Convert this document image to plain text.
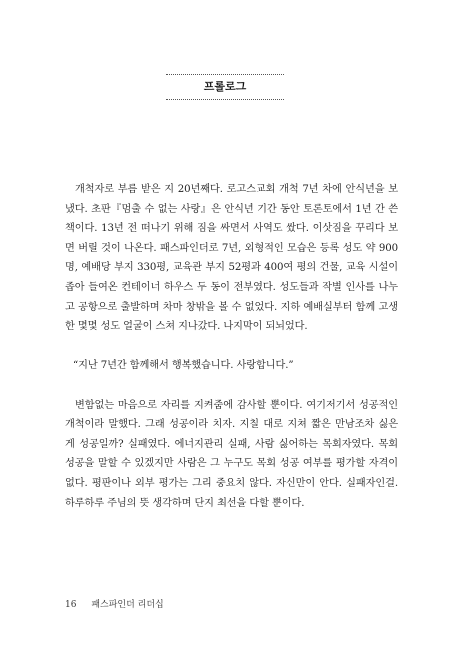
프롤로그

개척자로 부름 받은 지 20년째다. 로고스교회 개척 7년 차에 안식년을 보냈다. 초판『멈출 수 없는 사랑』은 안식년 기간 동안 토론토에서 1년 간 쓴 책이다. 13년 전 떠나기 위해 짐을 싸면서 사역도 쌌다. 이삿짐을 꾸리다 보면 버릴 것이 나온다. 패스파인더로 7년, 외형적인 모습은 등록 성도 약 900명, 예배당 부지 330평, 교육관 부지 52평과 400여 평의 건물, 교육 시설이 좁아 들여온 컨테이너 하우스 두 동이 전부였다. 성도들과 작별 인사를 나누고 공항으로 출발하며 차마 창밖을 볼 수 없었다. 지하 예배실부터 함께 고생한 몇몇 성도 얼굴이 스쳐 지나갔다. 나지막이 되뇌었다.

“지난 7년간 함께해서 행복했습니다. 사랑합니다.”

변함없는 마음으로 자리를 지켜줌에 감사할 뿐이다. 여기저기서 성공적인 개척이라 말했다. 그래 성공이라 치자. 지칠 대로 지쳐 짧은 만남조차 싫은 게 성공일까? 실패였다. 에너지관리 실패, 사람 싫어하는 목회자였다. 목회 성공을 말할 수 있겠지만 사람은 그 누구도 목회 성공 여부를 평가할 자격이 없다. 평판이나 외부 평가는 그리 중요치 않다. 자신만이 안다. 실패자인걸. 하루하루 주님의 뜻 생각하며 단지 최선을 다할 뿐이다.

16 패스파인더 리더십
